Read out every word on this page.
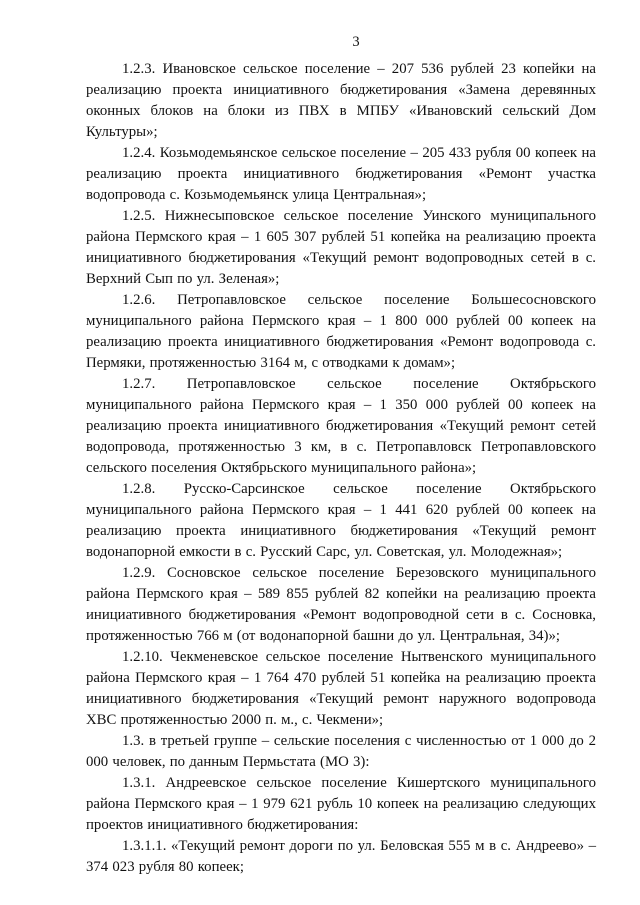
3

1.2.3. Ивановское сельское поселение – 207 536 рублей 23 копейки на реализацию проекта инициативного бюджетирования «Замена деревянных оконных блоков на блоки из ПВХ в МПБУ «Ивановский сельский Дом Культуры»;

1.2.4. Козьмодемьянское сельское поселение – 205 433 рубля 00 копеек на реализацию проекта инициативного бюджетирования «Ремонт участка водопровода с. Козьмодемьянск улица Центральная»;

1.2.5. Нижнесыповское сельское поселение Уинского муниципального района Пермского края – 1 605 307 рублей 51 копейка на реализацию проекта инициативного бюджетирования «Текущий ремонт водопроводных сетей в с. Верхний Сып по ул. Зеленая»;

1.2.6. Петропавловское сельское поселение Большесосновского муниципального района Пермского края – 1 800 000 рублей 00 копеек на реализацию проекта инициативного бюджетирования «Ремонт водопровода с. Пермяки, протяженностью 3164 м, с отводками к домам»;

1.2.7. Петропавловское сельское поселение Октябрьского муниципального района Пермского края – 1 350 000 рублей 00 копеек на реализацию проекта инициативного бюджетирования «Текущий ремонт сетей водопровода, протяженностью 3 км, в с. Петропавловск Петропавловского сельского поселения Октябрьского муниципального района»;

1.2.8. Русско-Сарсинское сельское поселение Октябрьского муниципального района Пермского края – 1 441 620 рублей 00 копеек на реализацию проекта инициативного бюджетирования «Текущий ремонт водонапорной емкости в с. Русский Сарс, ул. Советская, ул. Молодежная»;

1.2.9. Сосновское сельское поселение Березовского муниципального района Пермского края – 589 855 рублей 82 копейки на реализацию проекта инициативного бюджетирования «Ремонт водопроводной сети в с. Сосновка, протяженностью 766 м (от водонапорной башни до ул. Центральная, 34)»;

1.2.10. Чекменевское сельское поселение Нытвенского муниципального района Пермского края – 1 764 470 рублей 51 копейка на реализацию проекта инициативного бюджетирования «Текущий ремонт наружного водопровода ХВС протяженностью 2000 п. м., с. Чекмени»;

1.3. в третьей группе – сельские поселения с численностью от 1 000 до 2 000 человек, по данным Пермьстата (МО 3):

1.3.1. Андреевское сельское поселение Кишертского муниципального района Пермского края – 1 979 621 рубль 10 копеек на реализацию следующих проектов инициативного бюджетирования:

1.3.1.1. «Текущий ремонт дороги по ул. Беловская 555 м в с. Андреево» – 374 023 рубля 80 копеек;
